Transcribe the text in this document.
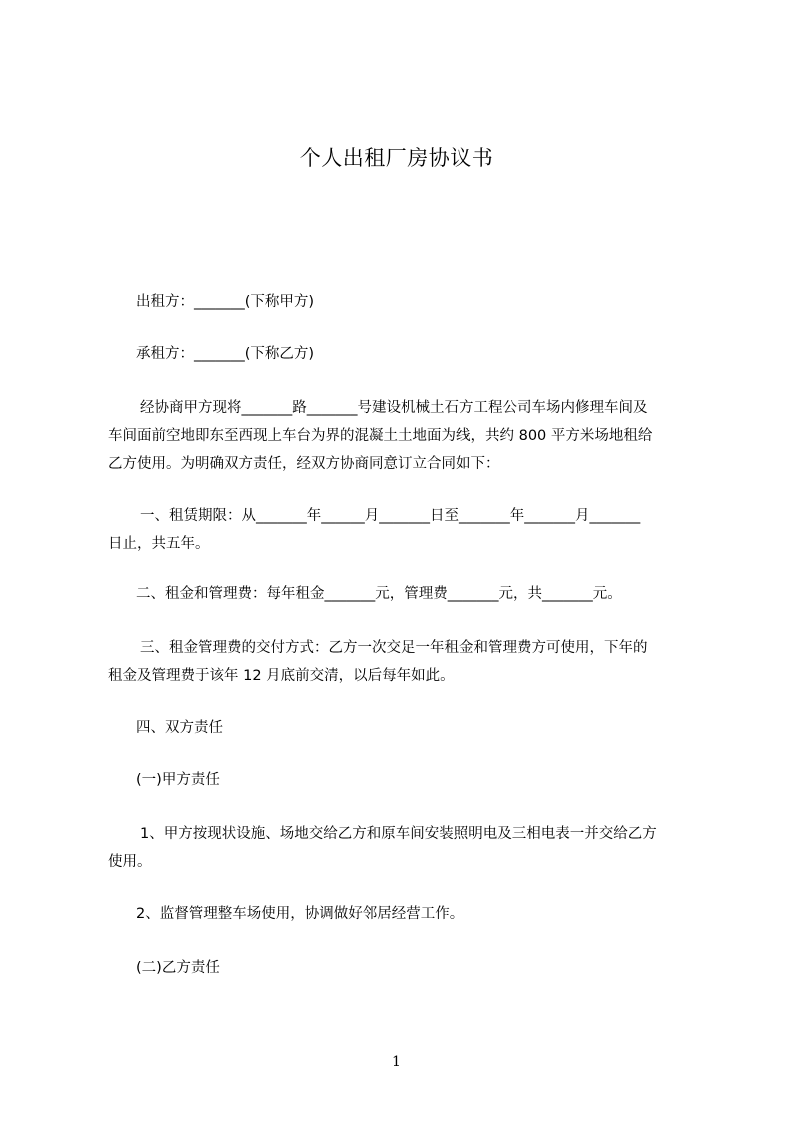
个人出租厂房协议书
出租方：_______(下称甲方)
承租方：_______(下称乙方)
经协商甲方现将_______路_______号建设机械土石方工程公司车场内修理车间及
车间面前空地即东至西现上车台为界的混凝土土地面为线，共约 800 平方米场地租给
乙方使用。为明确双方责任，经双方协商同意订立合同如下：
一、租赁期限：从_______年______月_______日至_______年_______月_______
日止，共五年。
二、租金和管理费：每年租金_______元，管理费_______元，共_______元。
三、租金管理费的交付方式：乙方一次交足一年租金和管理费方可使用，下年的
租金及管理费于该年 12 月底前交清，以后每年如此。
四、双方责任
(一)甲方责任
1、甲方按现状设施、场地交给乙方和原车间安装照明电及三相电表一并交给乙方
使用。
2、监督管理整车场使用，协调做好邻居经营工作。
(二)乙方责任
1
